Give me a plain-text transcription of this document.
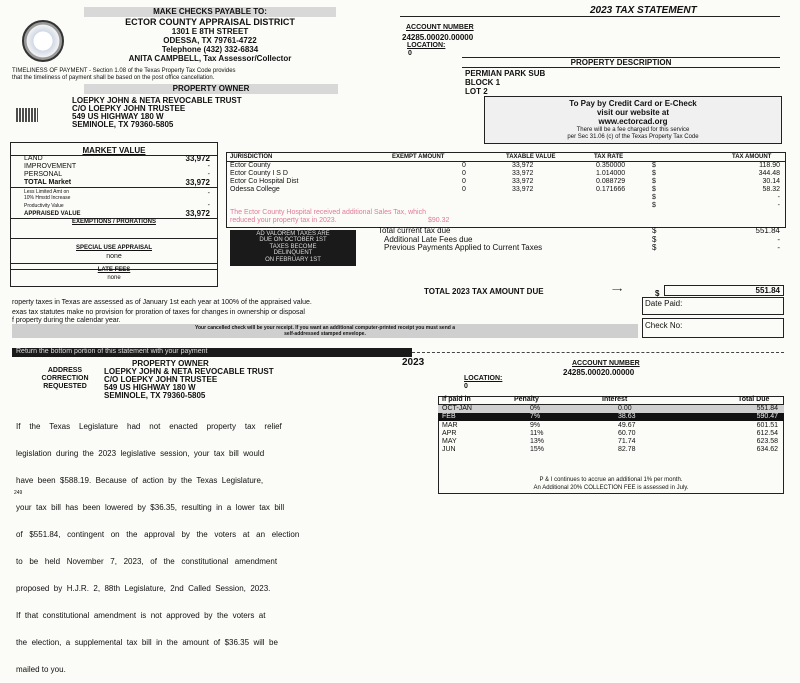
MAKE CHECKS PAYABLE TO:
ECTOR COUNTY APPRAISAL DISTRICT
1301 E 8TH STREET
ODESSA, TX 79761-4722
Telephone (432) 332-6834
ANITA CAMPBELL, Tax Assessor/Collector
2023 TAX STATEMENT
ACCOUNT NUMBER
24285.00020.00000
LOCATION:
0
PROPERTY DESCRIPTION
PERMIAN PARK SUB
BLOCK 1
LOT 2
TIMELINESS OF PAYMENT - Section 1.08 of the Texas Property Tax Code provides
that the timeliness of payment shall be based on the post office cancellation.
PROPERTY OWNER
LOEPKY JOHN & NETA REVOCABLE TRUST
C/O LOEPKY JOHN TRUSTEE
549 US HIGHWAY 180 W
SEMINOLE, TX 79360-5805
To Pay by Credit Card or E-Check
visit our website at
www.ectorcad.org
There will be a fee charged for this service
per Sec 31.06 (c) of the Texas Property Tax Code
MARKET VALUE
LAND	33,972
IMPROVEMENT	-
PERSONAL	-
TOTAL Market	33,972
Less Limited Amt on
10% Hmstd Increase
-
Productivity Value	-
APPRAISED VALUE	33,972
EXEMPTIONS / PRORATIONS
SPECIAL USE APPRAISAL
none
LATE FEES
none
JURISDICTION	EXEMPT AMOUNT	TAXABLE VALUE	TAX RATE	TAX AMOUNT
Ector County	0	33,972	0.350000	$	118.90
Ector County I S D	0	33,972	1.014000	$	344.48
Ector Co Hospital Dist	0	33,972	0.088729	$	30.14
Odessa College	0	33,972	0.171666	$	58.32
$	-
$	-
The Ector County Hospital received additional Sales Tax, which
reduced your property tax in 2023.	$90.32
AD VALOREM TAXES ARE
DUE ON OCTOBER 1ST
TAXES BECOME
DELINQUENT
ON FEBRUARY 1ST
Total current tax due	$	551.84
Additional Late Fees due	$	-
Previous Payments Applied to Current Taxes	$	-
TOTAL 2023 TAX AMOUNT DUE	⟶	$	551.84
roperty taxes in Texas are assessed as of January 1st each year at 100% of the appraised value.
exas tax statutes make no provision for proration of taxes for changes in ownership or disposal
f property during the calendar year.
Your cancelled check will be your receipt. If you want an additional computer-printed receipt you must send a
self-addressed stamped envelope.
Date Paid:
Check No:
Return the bottom portion of this statement with your payment
2023	ACCOUNT NUMBER
24285.00020.00000
LOCATION:
0
PROPERTY OWNER
ADDRESS
CORRECTION
REQUESTED
LOEPKY JOHN & NETA REVOCABLE TRUST
C/O LOEPKY JOHN TRUSTEE
549 US HIGHWAY 180 W
SEMINOLE, TX 79360-5805

If    the    Texas    Legislature    had    not    enacted    property    tax    relief

legislation  during  the  2023  legislative  session,  your  tax  bill  would

have  been  $588.19.  Because  of  action  by  the  Texas  Legislature,

your  tax  bill  has  been  lowered  by  $36.35,  resulting  in  a  lower  tax  bill

of   $551.84,   contingent   on   the   approval   by   the   voters   at   an   election

to   be   held   November   7,   2023,   of   the   constitutional   amendment

proposed  by  H.J.R.  2,  88th  Legislature,  2nd  Called  Session,  2023.

If  that  constitutional  amendment  is  not  approved  by  the  voters  at

the  election,  a  supplemental  tax  bill  in  the  amount  of  $36.35  will  be

mailed to you.

249
If paid in	Penalty	Interest	Total Due
OCT-JAN	0%	0.00	551.84
FEB	7%	38.63	590.47
MAR	9%	49.67	601.51
APR	11%	60.70	612.54
MAY	13%	71.74	623.58
JUN	15%	82.78	634.62
P & I continues to accrue an additional 1% per month.
An Additional 20% COLLECTION FEE is assessed in July.
